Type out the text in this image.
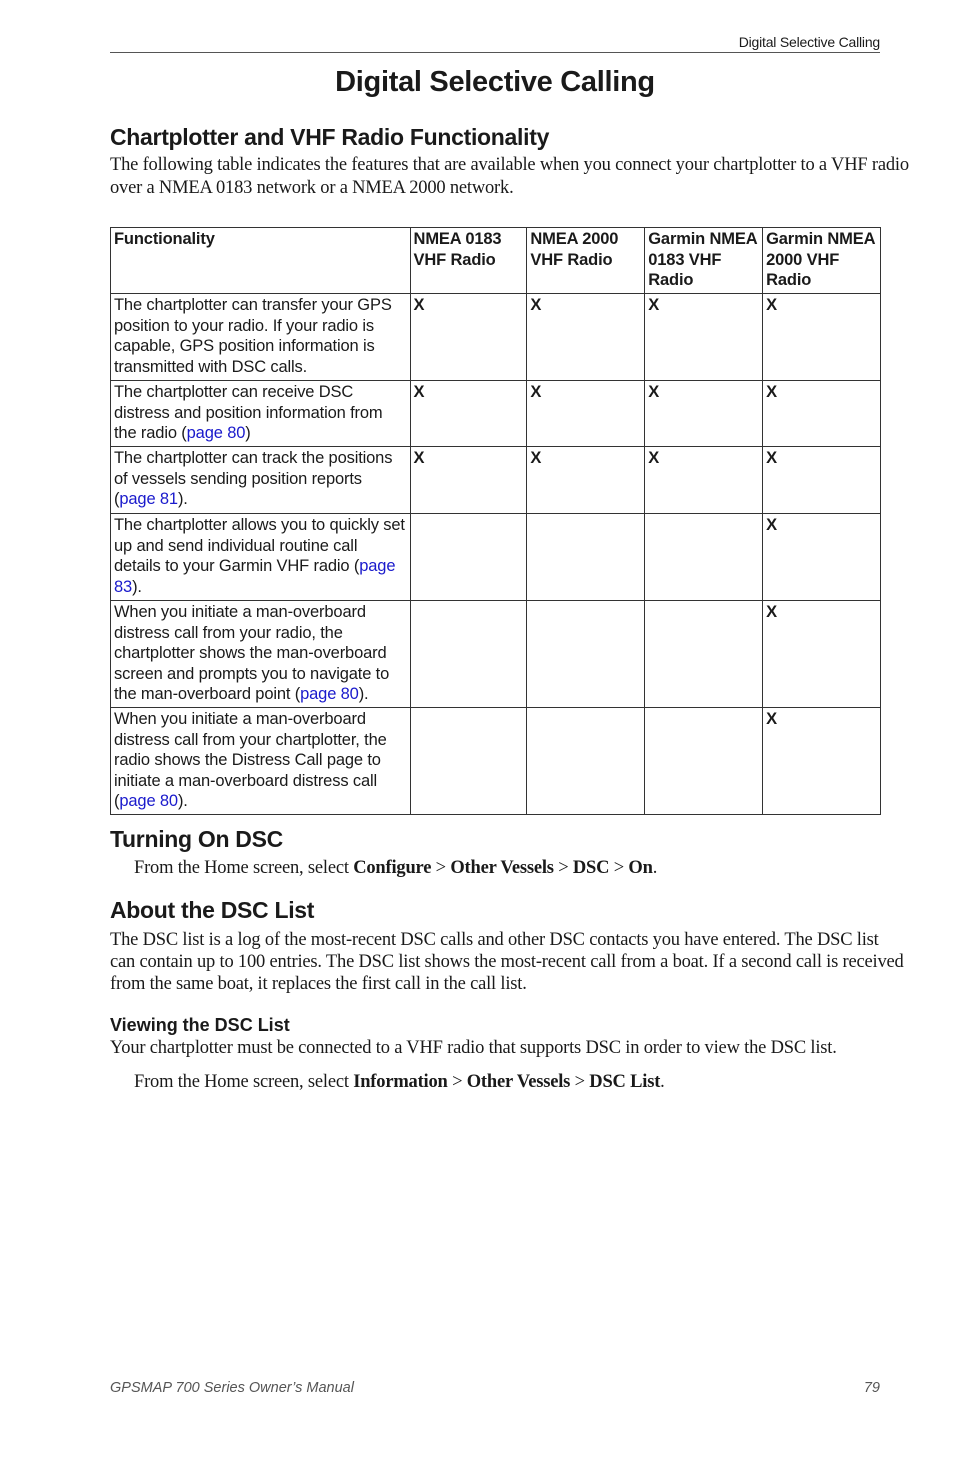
Digital Selective Calling
Digital Selective Calling
Chartplotter and VHF Radio Functionality

The following table indicates the features that are available when you connect your chartplotter to a VHF radio

over a NMEA 0183 network or a NMEA 2000 network.

Functionality	NMEA 0183 VHF Radio	NMEA 2000 VHF Radio	Garmin NMEA 0183 VHF Radio	Garmin NMEA 2000 VHF Radio
The chartplotter can transfer your GPS position to your radio. If your radio is capable, GPS position information is transmitted with DSC calls.	X	X	X	X
The chartplotter can receive DSC distress and position information from the radio (page 80)	X	X	X	X
The chartplotter can track the positions of vessels sending position reports (page 81).	X	X	X	X
The chartplotter allows you to quickly set up and send individual routine call details to your Garmin VHF radio (page 83).				X
When you initiate a man-overboard distress call from your radio, the chartplotter shows the man-overboard screen and prompts you to navigate to the man-overboard point (page 80).				X
When you initiate a man-overboard distress call from your chartplotter, the radio shows the Distress Call page to initiate a man-overboard distress call (page 80).				X
Turning On DSC

From the Home screen, select Configure > Other Vessels > DSC > On.

About the DSC List

The DSC list is a log of the most-recent DSC calls and other DSC contacts you have entered. The DSC list

can contain up to 100 entries. The DSC list shows the most-recent call from a boat. If a second call is received

from the same boat, it replaces the first call in the call list.

Viewing the DSC List

Your chartplotter must be connected to a VHF radio that supports DSC in order to view the DSC list.

From the Home screen, select Information > Other Vessels > DSC List.

GPSMAP 700 Series Owner’s Manual	79
